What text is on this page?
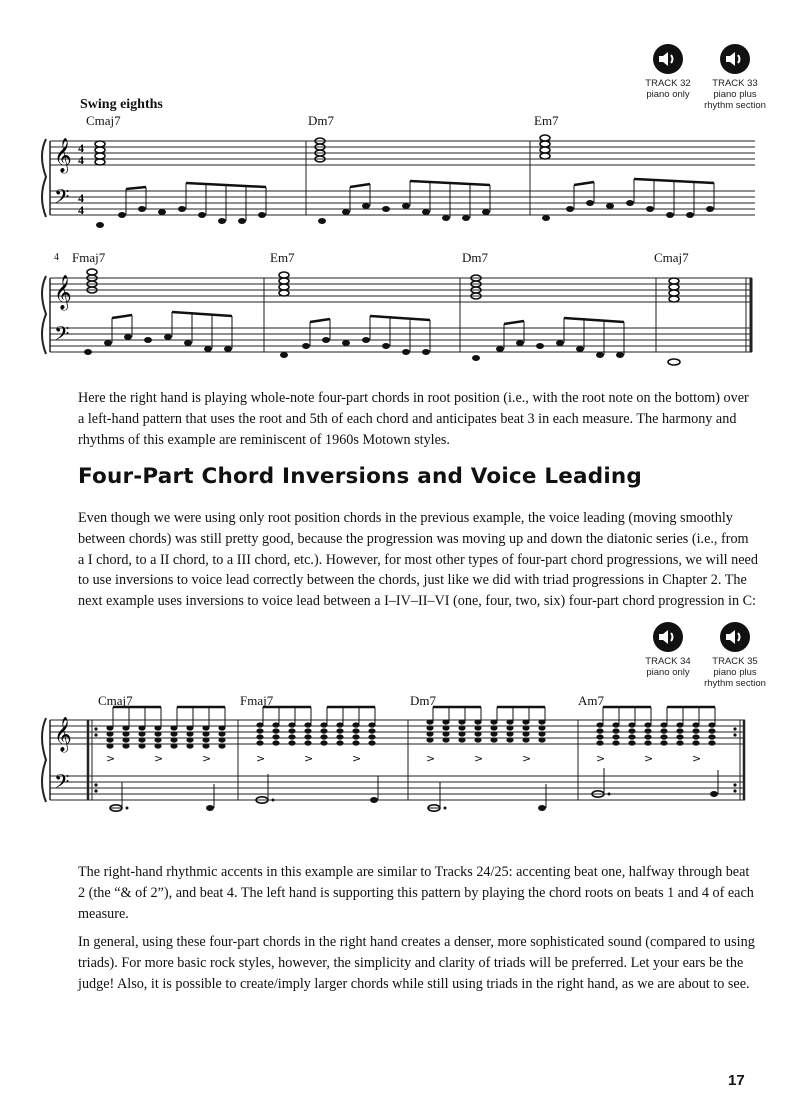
TRACK 32
piano only
TRACK 33
piano plus
rhythm section
Swing eighths
Cmaj7	Dm7	Em7
𝄞
𝄢
4
4
4
4
4 Fmaj7	Em7	Dm7	Cmaj7
𝄞
𝄢
Here the right hand is playing whole-note four-part chords in root position (i.e., with the root note on the bottom) over a left-hand pattern that uses the root and 5th of each chord and anticipates beat 3 in each measure. The harmony and rhythms of this example are reminiscent of 1960s Motown styles.
Four-Part Chord Inversions and Voice Leading
Even though we were using only root position chords in the previous example, the voice leading (moving smoothly between chords) was still pretty good, because the progression was moving up and down the diatonic series (i.e., from a I chord, to a II chord, to a III chord, etc.). However, for most other types of four-part chord progressions, we will need to use inversions to voice lead correctly between the chords, just like we did with triad progressions in Chapter 2. The next example uses inversions to voice lead between a I–IV–II–VI (one, four, two, six) four-part chord progression in C:
TRACK 34
piano only
TRACK 35
piano plus
rhythm section
Cmaj7	Fmaj7	Dm7	Am7
𝄞
𝄢
>	>	>	>	>	>	>	>	>	>	>	>
The right-hand rhythmic accents in this example are similar to Tracks 24/25: accenting beat one, halfway through beat 2 (the “& of 2”), and beat 4. The left hand is supporting this pattern by playing the chord roots on beats 1 and 4 of each measure.
In general, using these four-part chords in the right hand creates a denser, more sophisticated sound (compared to using triads). For more basic rock styles, however, the simplicity and clarity of triads will be preferred. Let your ears be the judge! Also, it is possible to create/imply larger chords while still using triads in the right hand, as we are about to see.
17
